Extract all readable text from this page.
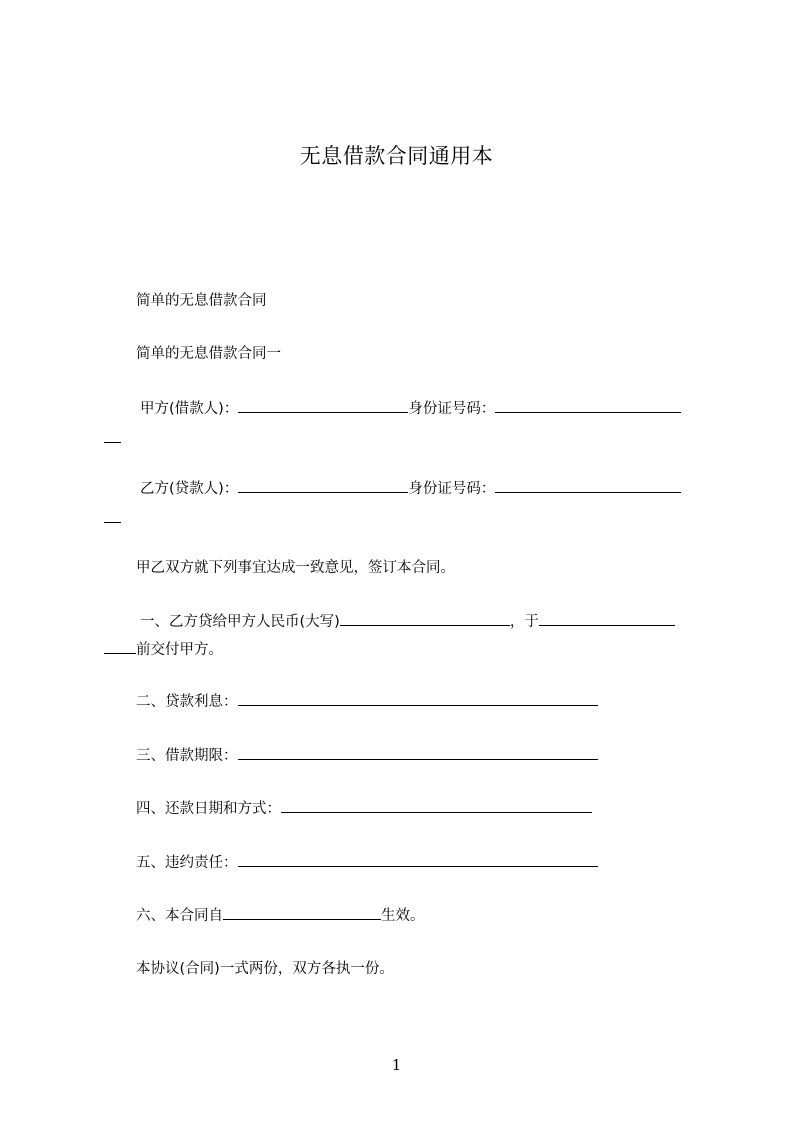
无息借款合同通用本
简单的无息借款合同
简单的无息借款合同一
甲方(借款人)：	身份证号码：
乙方(贷款人)：	身份证号码：
甲乙双方就下列事宜达成一致意见，签订本合同。
一、乙方贷给甲方人民币(大写)	，于
前交付甲方。
二、贷款利息：
三、借款期限：
四、还款日期和方式：
五、违约责任：
六、本合同自	生效。
本协议(合同)一式两份，双方各执一份。
1
